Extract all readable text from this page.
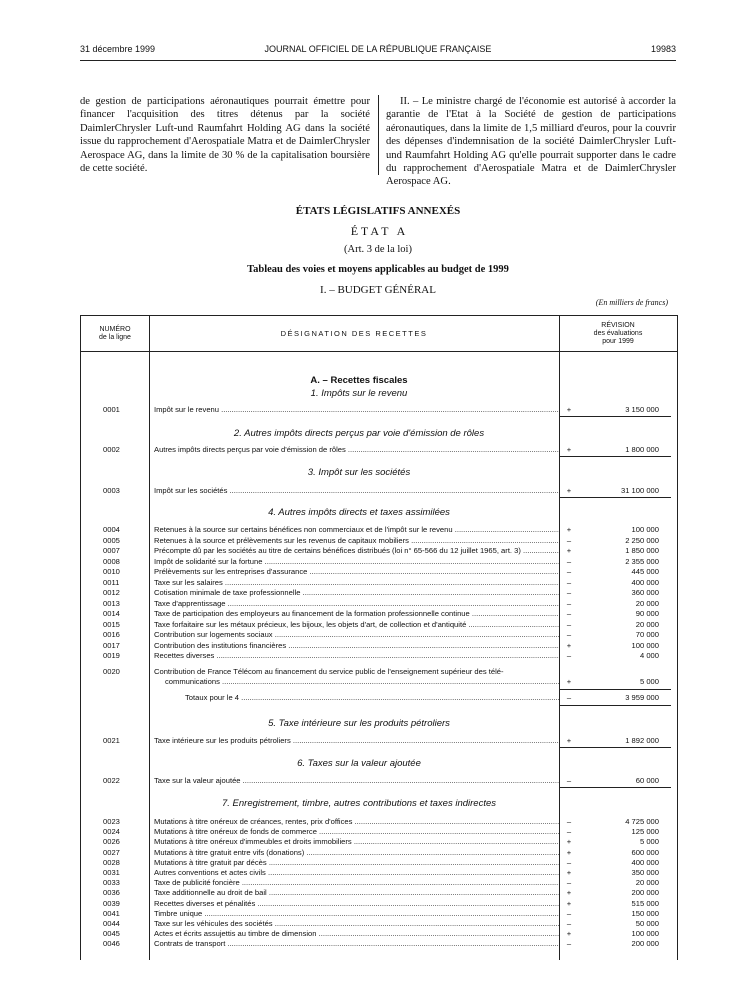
31 décembre 1999	JOURNAL OFFICIEL DE LA RÉPUBLIQUE FRANÇAISE	19983
de gestion de participations aéronautiques pourrait émettre pour financer l'acquisition des titres détenus par la société DaimlerChrysler Luft-und Raumfahrt Holding AG dans la société issue du rapprochement d'Aerospatiale Matra et de DaimlerChrysler Aerospace AG, dans la limite de 30 % de la capitalisation boursière de cette société.
II. – Le ministre chargé de l'économie est autorisé à accorder la garantie de l'Etat à la Société de gestion de participations aéronautiques, dans la limite de 1,5 milliard d'euros, pour la couvrir des dépenses d'indemnisation de la société DaimlerChrysler Luft-und Raumfahrt Holding AG qu'elle pourrait supporter dans le cadre du rapprochement d'Aerospatiale Matra et de DaimlerChrysler Aerospace AG.
ÉTATS LÉGISLATIFS ANNEXÉS
É T A T   A
(Art. 3 de la loi)
Tableau des voies et moyens applicables au budget de 1999
I. – BUDGET GÉNÉRAL
(En milliers de francs)
NUMÉRO
de la ligne	DÉSIGNATION DES RECETTES
RÉVISION
des évaluations
pour 1999
A. – Recettes fiscales
1. Impôts sur le revenu
0001	Impôt sur le revenu .....	+	3 150 000
2. Autres impôts directs perçus par voie d'émission de rôles
0002	Autres impôts directs perçus par voie d'émission de rôles .....	+	1 800 000
3. Impôt sur les sociétés
0003	Impôt sur les sociétés .....	+	31 100 000
4. Autres impôts directs et taxes assimilées
0004	Retenues à la source sur certains bénéfices non commerciaux et de l'impôt sur le revenu .....	+	100 000
0005	Retenues à la source et prélèvements sur les revenus de capitaux mobiliers .....	–	2 250 000
0007	Précompte dû par les sociétés au titre de certains bénéfices distribués (loi n° 65-566 du 12 juillet 1965, art. 3) .....	+	1 850 000
0008	Impôt de solidarité sur la fortune .....	–	2 355 000
0010	Prélèvements sur les entreprises d'assurance .....	–	445 000
0011	Taxe sur les salaires .....	–	400 000
0012	Cotisation minimale de taxe professionnelle .....	–	360 000
0013	Taxe d'apprentissage .....	–	20 000
0014	Taxe de participation des employeurs au financement de la formation professionnelle continue .....	–	90 000
0015	Taxe forfaitaire sur les métaux précieux, les bijoux, les objets d'art, de collection et d'antiquité .....	–	20 000
0016	Contribution sur logements sociaux .....	–	70 000
0017	Contribution des institutions financières .....	+	100 000
0019	Recettes diverses .....	–	4 000
0020	Contribution de France Télécom au financement du service public de l'enseignement supérieur des télé-
communications .....	+	5 000
Totaux pour le 4 .....	–	3 959 000
5. Taxe intérieure sur les produits pétroliers
0021	Taxe intérieure sur les produits pétroliers .....	+	1 892 000
6. Taxes sur la valeur ajoutée
0022	Taxe sur la valeur ajoutée .....	–	60 000
7. Enregistrement, timbre, autres contributions et taxes indirectes
0023	Mutations à titre onéreux de créances, rentes, prix d'offices .....	–	4 725 000
0024	Mutations à titre onéreux de fonds de commerce .....	–	125 000
0026	Mutations à titre onéreux d'immeubles et droits immobiliers .....	+	5 000
0027	Mutations à titre gratuit entre vifs (donations) .....	+	600 000
0028	Mutations à titre gratuit par décès .....	–	400 000
0031	Autres conventions et actes civils .....	+	350 000
0033	Taxe de publicité foncière .....	–	20 000
0036	Taxe additionnelle au droit de bail .....	+	200 000
0039	Recettes diverses et pénalités .....	+	515 000
0041	Timbre unique .....	–	150 000
0044	Taxe sur les véhicules des sociétés .....	–	50 000
0045	Actes et écrits assujettis au timbre de dimension .....	+	100 000
0046	Contrats de transport .....	–	200 000
